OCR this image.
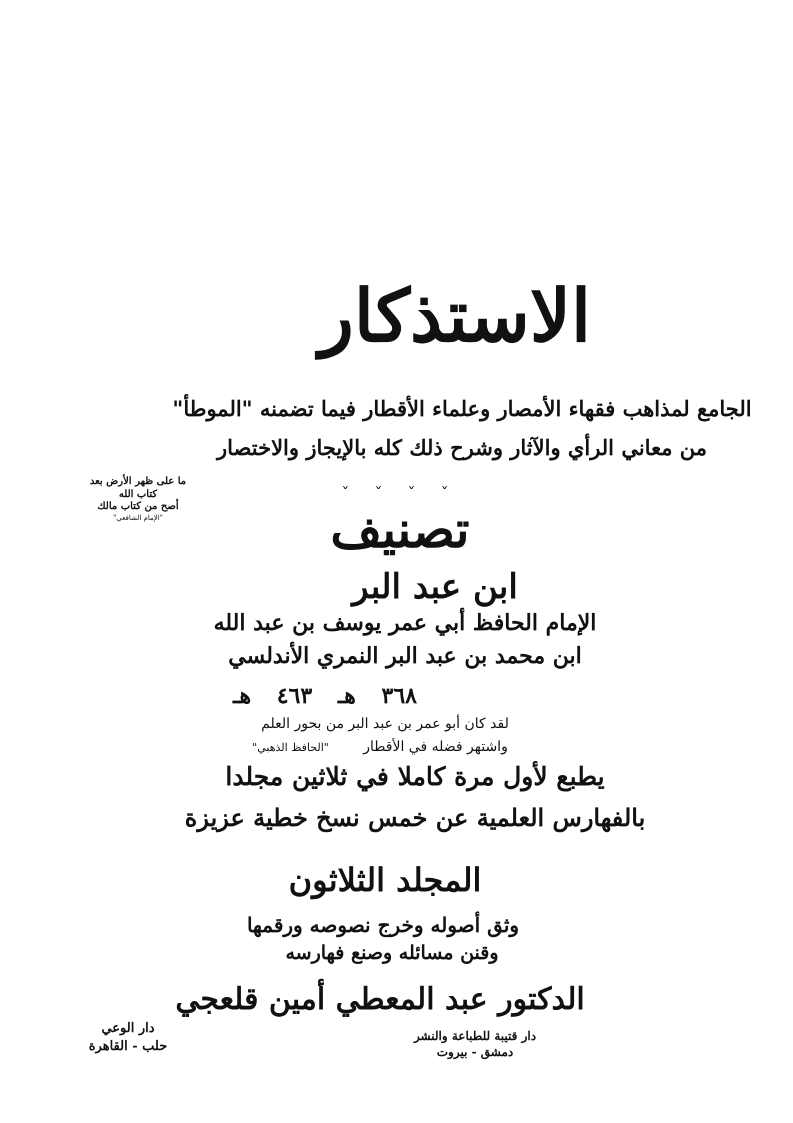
الاستذكار
الجامع لمذاهب فقهاء الأمصار وعلماء الأقطار فيما تضمنه "الموطأ"
من معاني الرأي والآثار وشرح ذلك كله بالإيجاز والاختصار
ما على ظهر الأرض بعد كتاب الله
أصح من كتاب مالك
"الإمام الشافعي"
ˇ ˇ ˇ ˇ
تصنيف
ابن عبد البر
الإمام الحافظ أبي عمر يوسف بن عبد الله
ابن محمد بن عبد البر النمري الأندلسي
٣٦٨ هـ ٤٦٣ هـ
لقد كان أبو عمر بن عبد البر من بحور العلم
واشتهر فضله في الأقطار "الحافظ الذهبي"
يطبع لأول مرة كاملا في ثلاثين مجلدا
بالفهارس العلمية عن خمس نسخ خطية عزيزة
المجلد الثلاثون
وثق أصوله وخرج نصوصه ورقمها
وقنن مسائله وصنع فهارسه
الدكتور عبد المعطي أمين قلعجي
دار قتيبة للطباعة والنشر
دمشق - بيروت
دار الوعي
حلب - القاهرة
